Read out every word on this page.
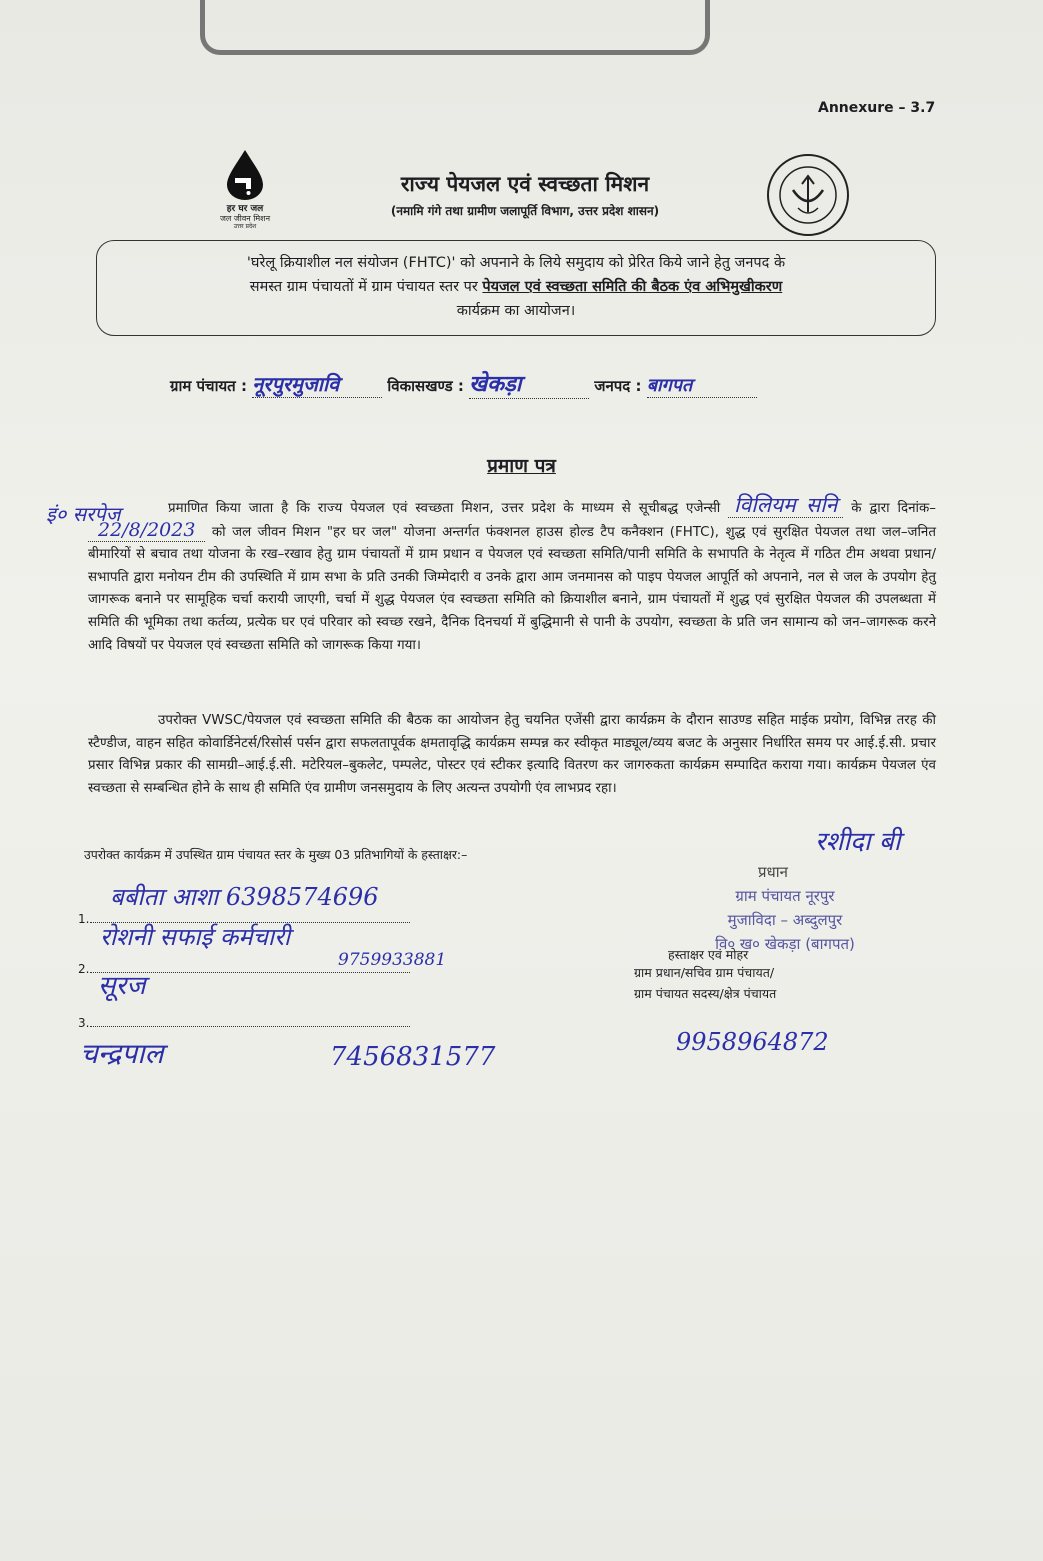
Annexure – 3.7
हर घर जल
जल जीवन मिशन
उत्तर प्रदेश
राज्य पेयजल एवं स्वच्छता मिशन
(नमामि गंगे तथा ग्रामीण जलापूर्ति विभाग, उत्तर प्रदेश शासन)
'घरेलू क्रियाशील नल संयोजन (FHTC)' को अपनाने के लिये समुदाय को प्रेरित किये जाने हेतु जनपद के
समस्त ग्राम पंचायतों में ग्राम पंचायत स्तर पर पेयजल एवं स्वच्छता समिति की बैठक एंव अभिमुखीकरण
कार्यक्रम का आयोजन।
ग्राम पंचायत : नूरपुरमुजावि	विकासखण्ड : खेकड़ा	जनपद : बागपत
प्रमाण पत्र
इं० सरपेज	प्रमाणित किया जाता है कि राज्य पेयजल एवं स्वच्छता मिशन, उत्तर प्रदेश के माध्यम से सूचीबद्ध एजेन्सी विलियम सनि के द्वारा दिनांक– 22/8/2023 को जल जीवन मिशन "हर घर जल" योजना अन्तर्गत फंक्शनल हाउस होल्ड टैप कनैक्शन (FHTC), शुद्ध एवं सुरक्षित पेयजल तथा जल–जनित बीमारियों से बचाव तथा योजना के रख–रखाव हेतु ग्राम पंचायतों में ग्राम प्रधान व पेयजल एवं स्वच्छता समिति/पानी समिति के सभापति के नेतृत्व में गठित टीम अथवा प्रधान/सभापति द्वारा मनोयन टीम की उपस्थिति में ग्राम सभा के प्रति उनकी जिम्मेदारी व उनके द्वारा आम जनमानस को पाइप पेयजल आपूर्ति को अपनाने, नल से जल के उपयोग हेतु जागरूक बनाने पर सामूहिक चर्चा करायी जाएगी, चर्चा में शुद्ध पेयजल एंव स्वच्छता समिति को क्रियाशील बनाने, ग्राम पंचायतों में शुद्ध एवं सुरक्षित पेयजल की उपलब्धता में समिति की भूमिका तथा कर्तव्य, प्रत्येक घर एवं परिवार को स्वच्छ रखने, दैनिक दिनचर्या में बुद्धिमानी से पानी के उपयोग, स्वच्छता के प्रति जन सामान्य को जन–जागरूक करने आदि विषयों पर पेयजल एवं स्वच्छता समिति को जागरूक किया गया।
उपरोक्त VWSC/पेयजल एवं स्वच्छता समिति की बैठक का आयोजन हेतु चयनित एजेंसी द्वारा कार्यक्रम के दौरान साउण्ड सहित माईक प्रयोग, विभिन्न तरह की स्टैण्डीज, वाहन सहित कोवार्डिनेटर्स/रिसोर्स पर्सन द्वारा सफलतापूर्वक क्षमतावृद्धि कार्यक्रम सम्पन्न कर स्वीकृत माड्यूल/व्यय बजट के अनुसार निर्धारित समय पर आई.ई.सी. प्रचार प्रसार विभिन्न प्रकार की सामग्री–आई.ई.सी. मटेरियल–बुकलेट, पम्पलेट, पोस्टर एवं स्टीकर इत्यादि वितरण कर जागरुकता कार्यक्रम सम्पादित कराया गया। कार्यक्रम पेयजल एंव स्वच्छता से सम्बन्धित होने के साथ ही समिति एंव ग्रामीण जनसमुदाय के लिए अत्यन्त उपयोगी एंव लाभप्रद रहा।
उपरोक्त कार्यक्रम में उपस्थित ग्राम पंचायत स्तर के मुख्य 03 प्रतिभागियों के हस्ताक्षर:–
1.
बबीता आशा 6398574696
रोशनी सफाई कर्मचारी
2.	9759933881
सूरज
3.
चन्द्रपाल	7456831577
रशीदा बी
प्रधान
ग्राम पंचायत नूरपुर
मुजाविदा – अब्दुलपुर
वि० ख० खेकड़ा (बागपत)
हस्ताक्षर एवं मोहर
ग्राम प्रधान/सचिव ग्राम पंचायत/
ग्राम पंचायत सदस्य/क्षेत्र पंचायत
9958964872
